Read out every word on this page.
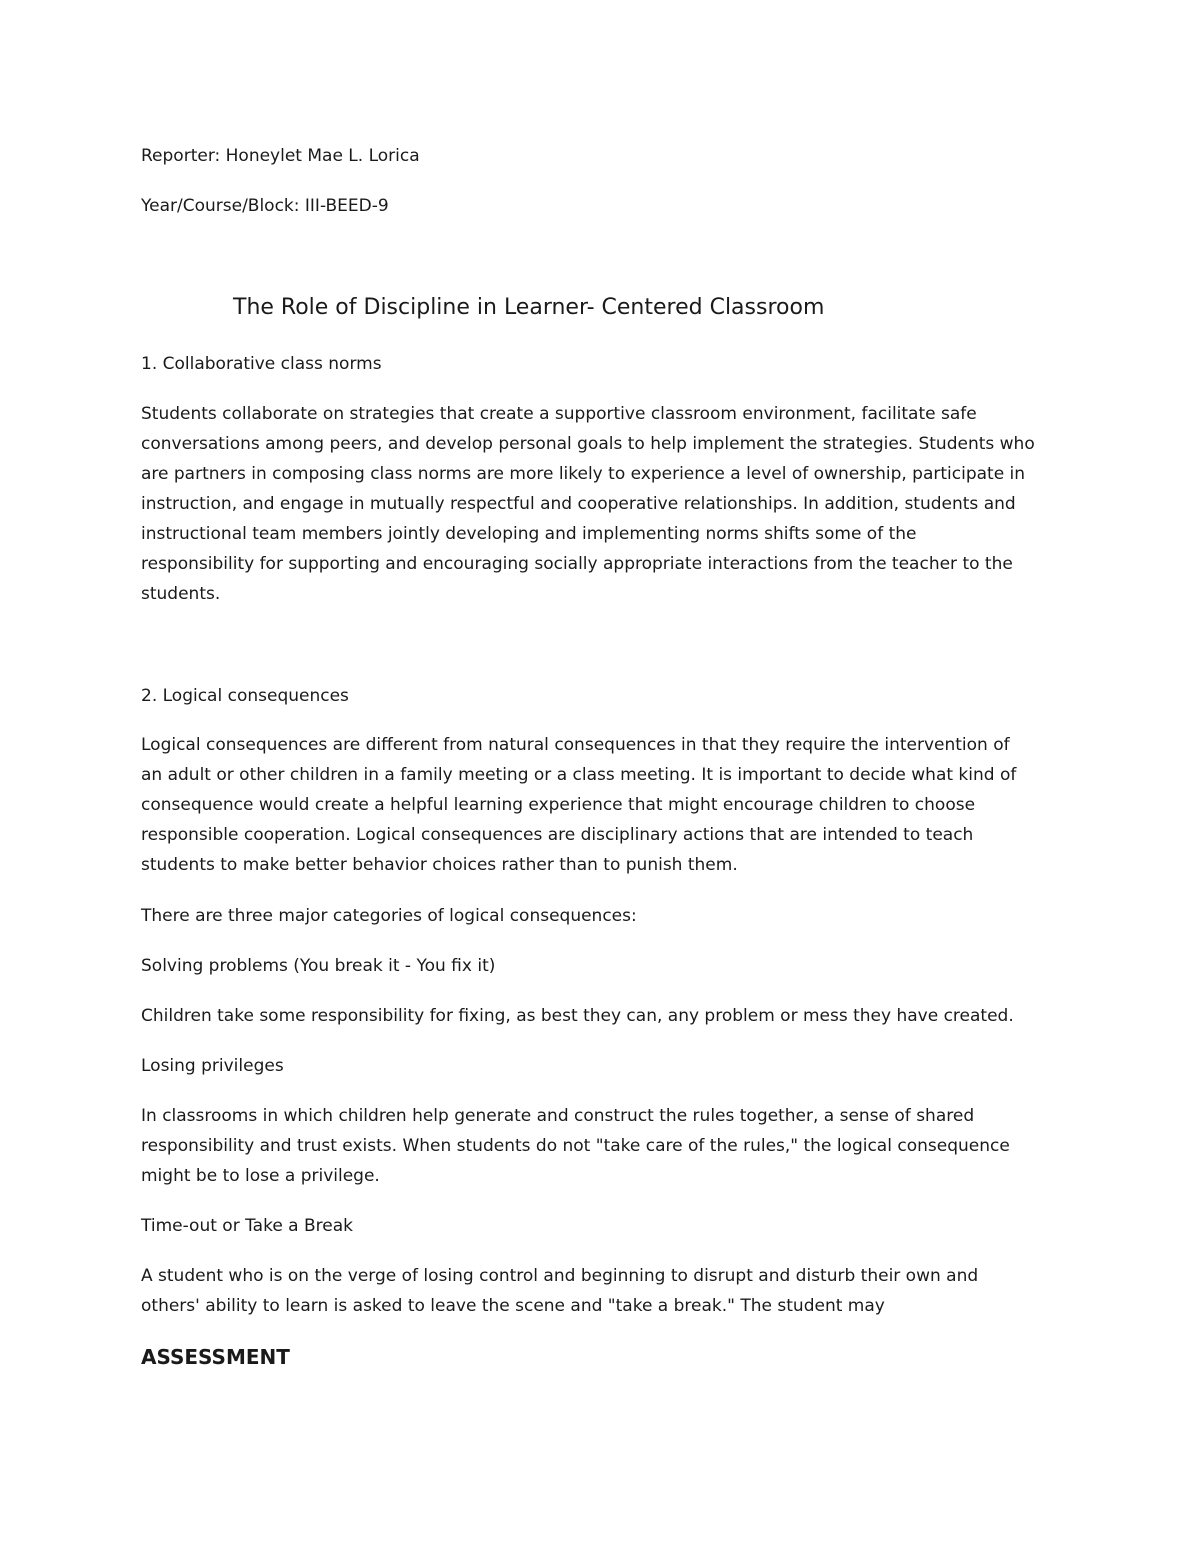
Reporter: Honeylet Mae L. Lorica

Year/Course/Block: III-BEED-9

The Role of Discipline in Learner- Centered Classroom

1. Collaborative class norms

Students collaborate on strategies that create a supportive classroom environment, facilitate safe
conversations among peers, and develop personal goals to help implement the strategies. Students who
are partners in composing class norms are more likely to experience a level of ownership, participate in
instruction, and engage in mutually respectful and cooperative relationships. In addition, students and
instructional team members jointly developing and implementing norms shifts some of the
responsibility for supporting and encouraging socially appropriate interactions from the teacher to the
students.

2. Logical consequences

Logical consequences are different from natural consequences in that they require the intervention of
an adult or other children in a family meeting or a class meeting. It is important to decide what kind of
consequence would create a helpful learning experience that might encourage children to choose
responsible cooperation. Logical consequences are disciplinary actions that are intended to teach
students to make better behavior choices rather than to punish them.

There are three major categories of logical consequences:

Solving problems (You break it - You fix it)

Children take some responsibility for fixing, as best they can, any problem or mess they have created.

Losing privileges

In classrooms in which children help generate and construct the rules together, a sense of shared
responsibility and trust exists. When students do not "take care of the rules," the logical consequence
might be to lose a privilege.

Time-out or Take a Break

A student who is on the verge of losing control and beginning to disrupt and disturb their own and
others' ability to learn is asked to leave the scene and "take a break." The student may
ASSESSMENT
